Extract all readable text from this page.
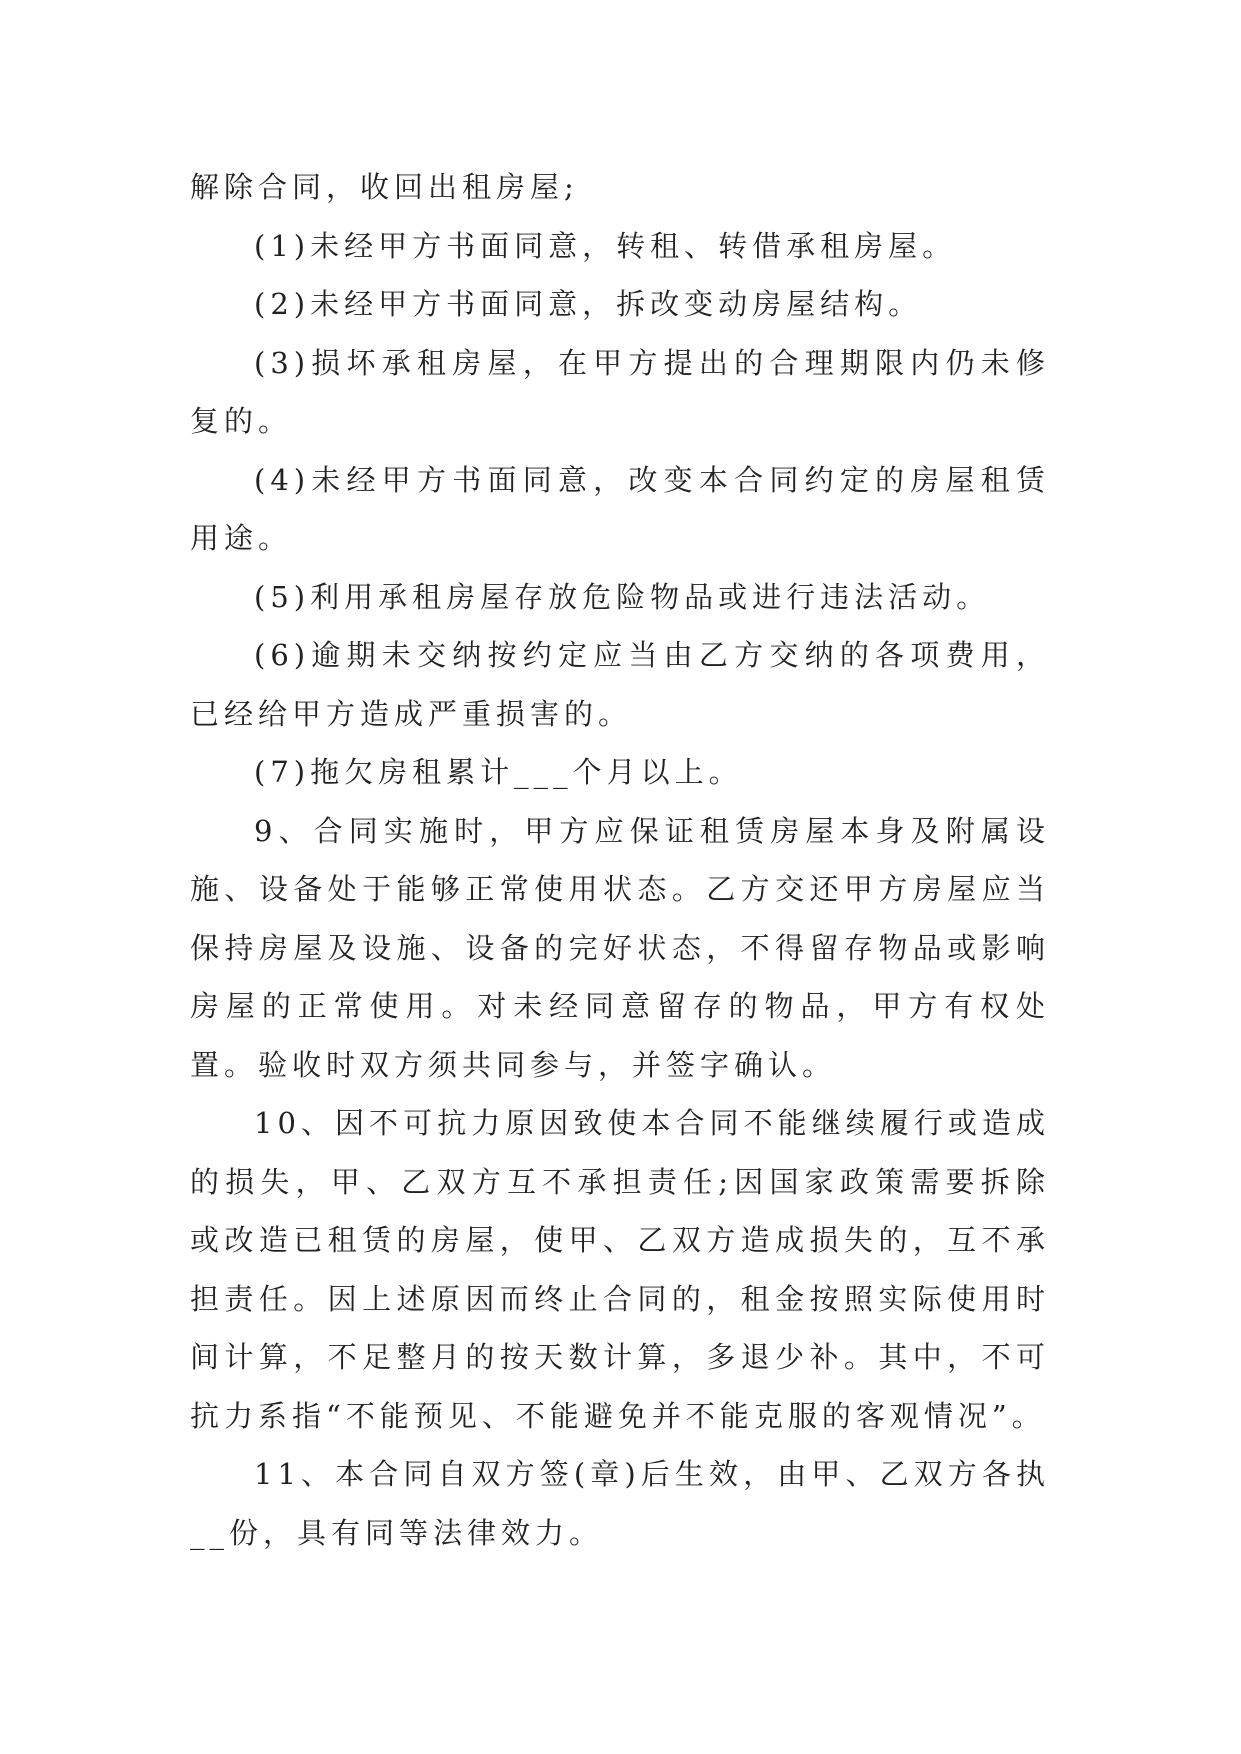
解除合同，收回出租房屋;

(1)未经甲方书面同意，转租、转借承租房屋。

(2)未经甲方书面同意，拆改变动房屋结构。

(3)损坏承租房屋，在甲方提出的合理期限内仍未修复的。

(4)未经甲方书面同意，改变本合同约定的房屋租赁用途。

(5)利用承租房屋存放危险物品或进行违法活动。

(6)逾期未交纳按约定应当由乙方交纳的各项费用，已经给甲方造成严重损害的。

(7)拖欠房租累计___个月以上。

9、合同实施时，甲方应保证租赁房屋本身及附属设施、设备处于能够正常使用状态。乙方交还甲方房屋应当保持房屋及设施、设备的完好状态，不得留存物品或影响房屋的正常使用。对未经同意留存的物品，甲方有权处置。验收时双方须共同参与，并签字确认。

10、因不可抗力原因致使本合同不能继续履行或造成的损失，甲、乙双方互不承担责任;因国家政策需要拆除或改造已租赁的房屋，使甲、乙双方造成损失的，互不承担责任。因上述原因而终止合同的，租金按照实际使用时间计算，不足整月的按天数计算，多退少补。其中，不可抗力系指“不能预见、不能避免并不能克服的客观情况”。

11、本合同自双方签(章)后生效，由甲、乙双方各执__份，具有同等法律效力。
